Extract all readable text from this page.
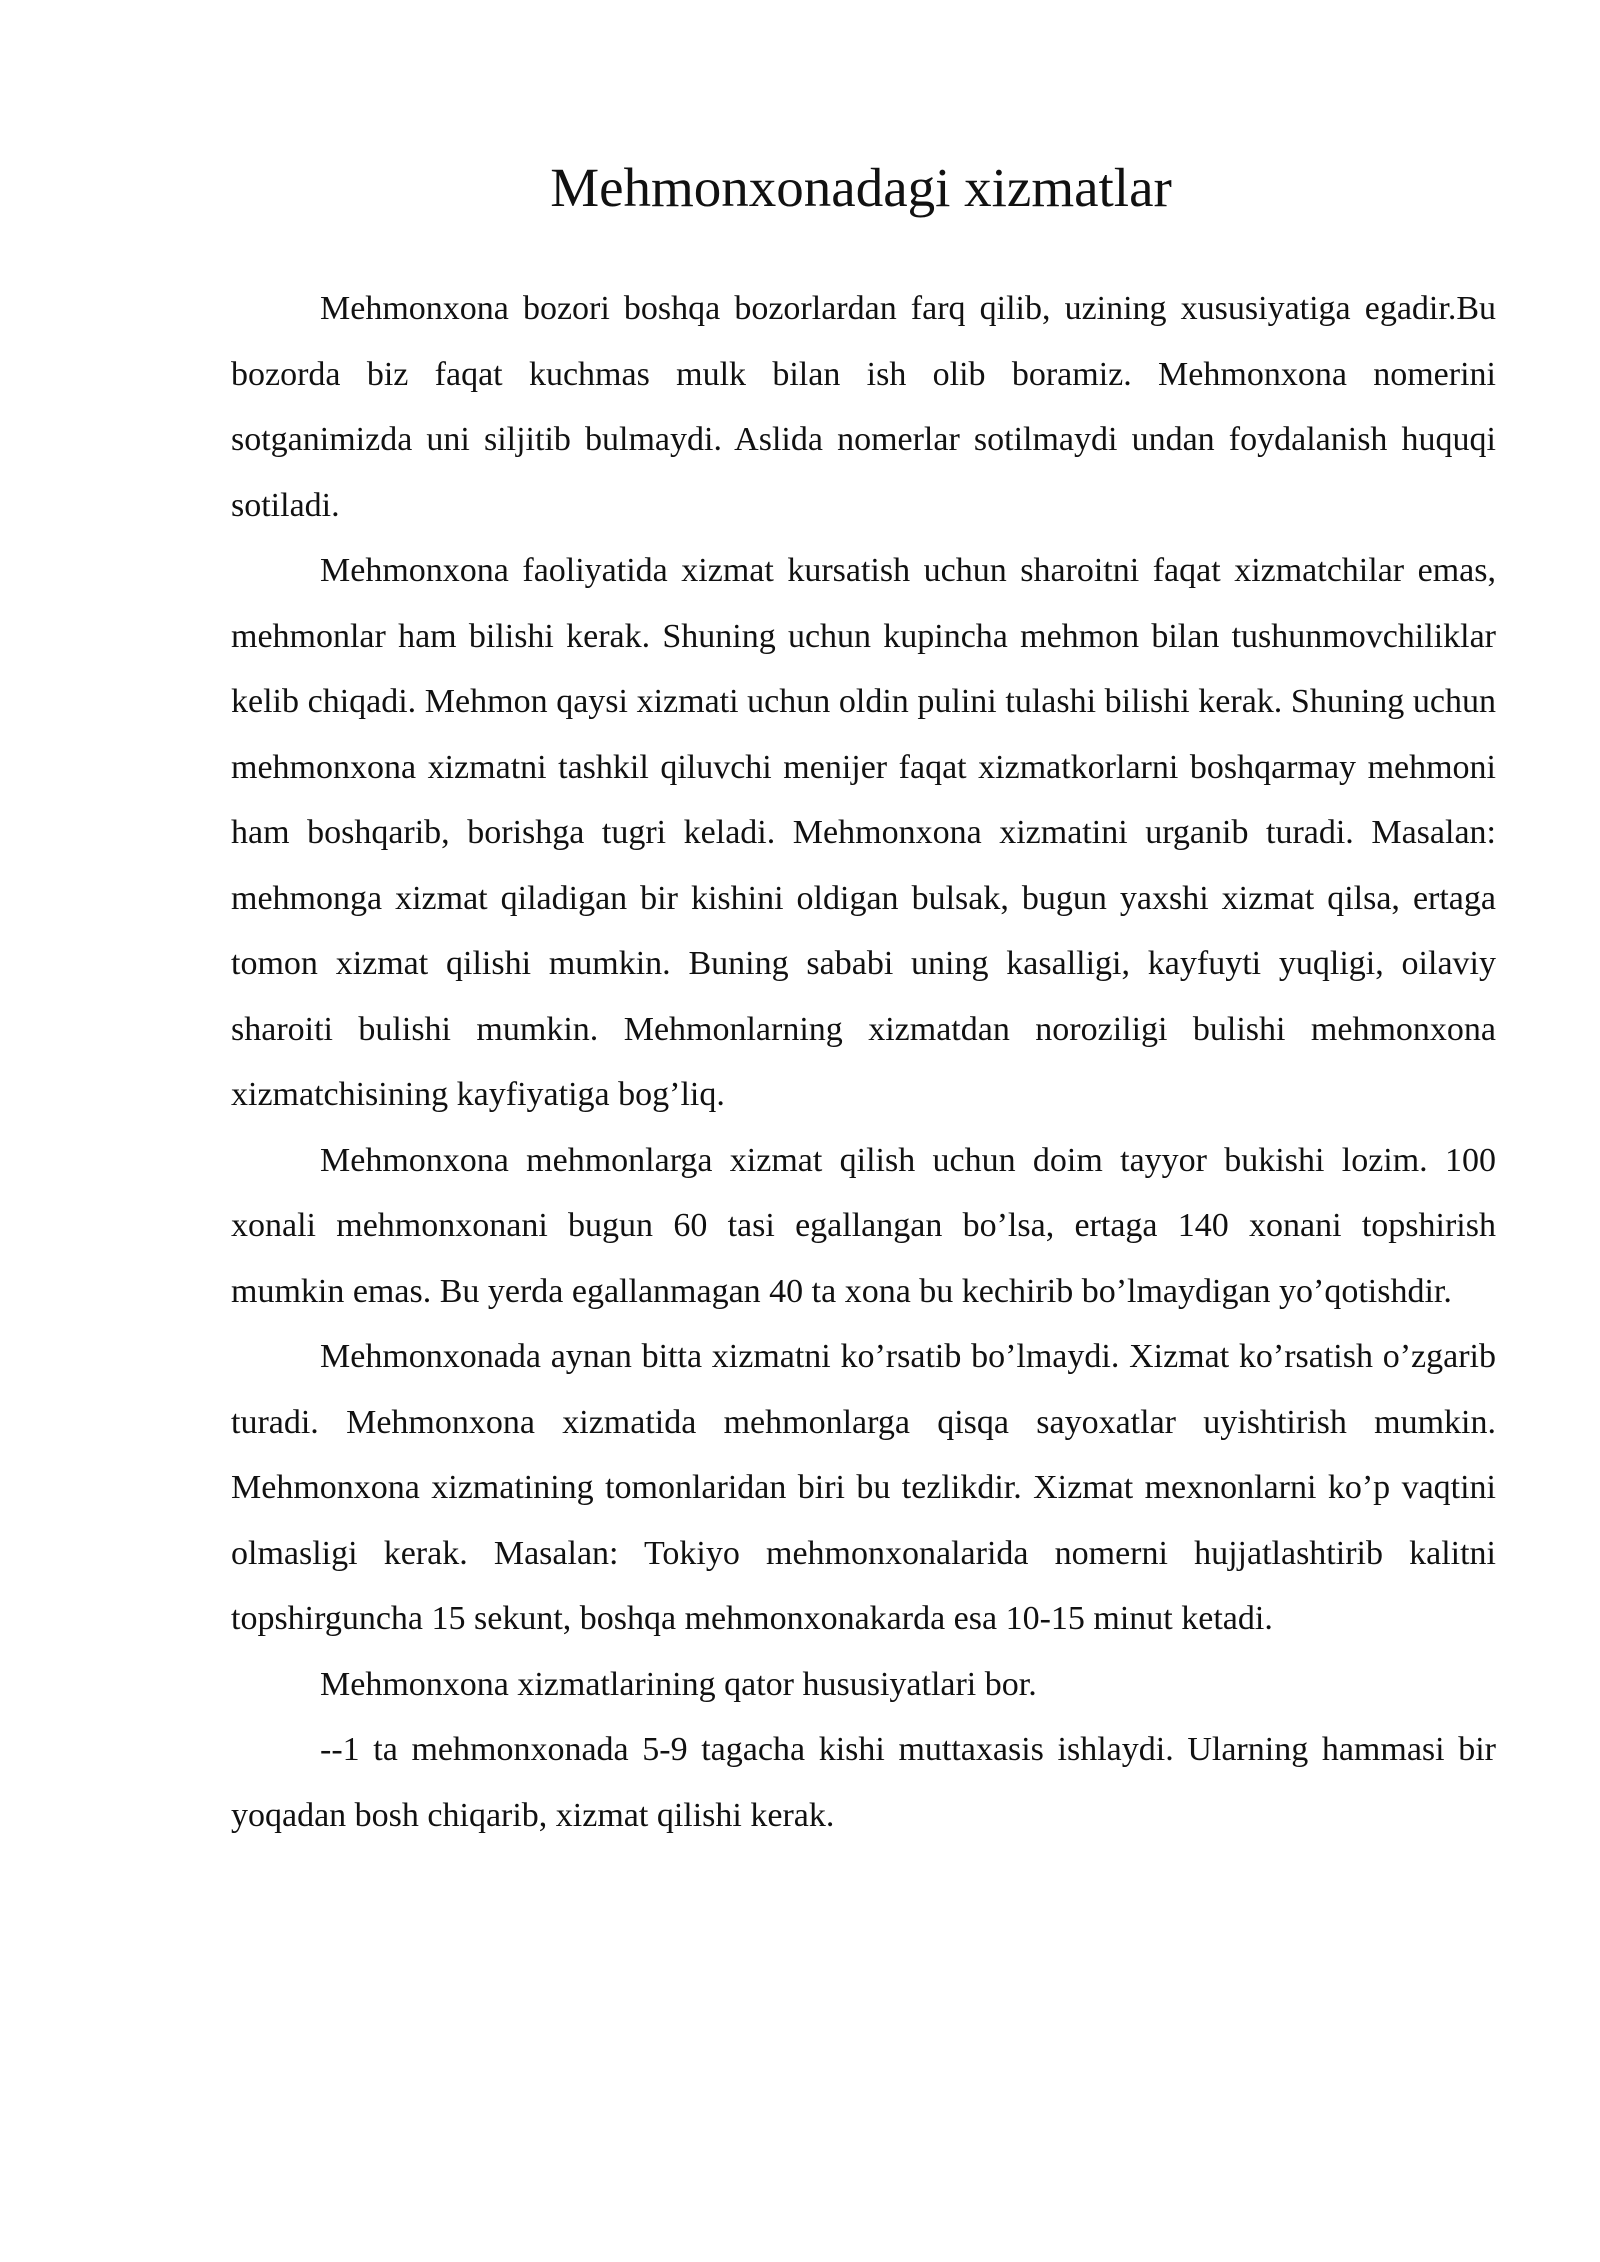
Mehmonxonadagi xizmatlar

Mehmonxona bozori boshqa bozorlardan farq qilib, uzining xususiyatiga egadir.Bu bozorda biz faqat kuchmas mulk bilan ish olib boramiz. Mehmonxona nomerini sotganimizda uni siljitib bulmaydi. Aslida nomerlar sotilmaydi undan foydalanish huquqi sotiladi.

Mehmonxona faoliyatida xizmat kursatish uchun sharoitni faqat xizmatchilar emas, mehmonlar ham bilishi kerak. Shuning uchun kupincha mehmon bilan tushunmovchiliklar kelib chiqadi. Mehmon qaysi xizmati uchun oldin pulini tulashi bilishi kerak. Shuning uchun mehmonxona xizmatni tashkil qiluvchi menijer faqat xizmatkorlarni boshqarmay mehmoni ham boshqarib, borishga tugri keladi. Mehmonxona xizmatini urganib turadi. Masalan: mehmonga xizmat qiladigan bir kishini oldigan bulsak, bugun yaxshi xizmat qilsa, ertaga tomon xizmat qilishi mumkin. Buning sababi uning kasalligi, kayfuyti yuqligi, oilaviy sharoiti bulishi mumkin. Mehmonlarning xizmatdan noroziligi bulishi mehmonxona xizmatchisining kayfiyatiga bog’liq.

Mehmonxona mehmonlarga xizmat qilish uchun doim tayyor bukishi lozim. 100 xonali mehmonxonani bugun 60 tasi egallangan bo’lsa, ertaga 140 xonani topshirish mumkin emas. Bu yerda egallanmagan 40 ta xona bu kechirib bo’lmaydigan yo’qotishdir.

Mehmonxonada aynan bitta xizmatni ko’rsatib bo’lmaydi. Xizmat ko’rsatish o’zgarib turadi. Mehmonxona xizmatida mehmonlarga qisqa sayoxatlar uyishtirish mumkin. Mehmonxona xizmatining tomonlaridan biri bu tezlikdir. Xizmat mexnonlarni ko’p vaqtini olmasligi kerak. Masalan: Tokiyo mehmonxonalarida nomerni hujjatlashtirib kalitni topshirguncha 15 sekunt, boshqa mehmonxonakarda esa 10-15 minut ketadi.

Mehmonxona xizmatlarining qator hususiyatlari bor.

--1 ta mehmonxonada 5-9 tagacha kishi muttaxasis ishlaydi. Ularning hammasi bir yoqadan bosh chiqarib, xizmat qilishi kerak.
